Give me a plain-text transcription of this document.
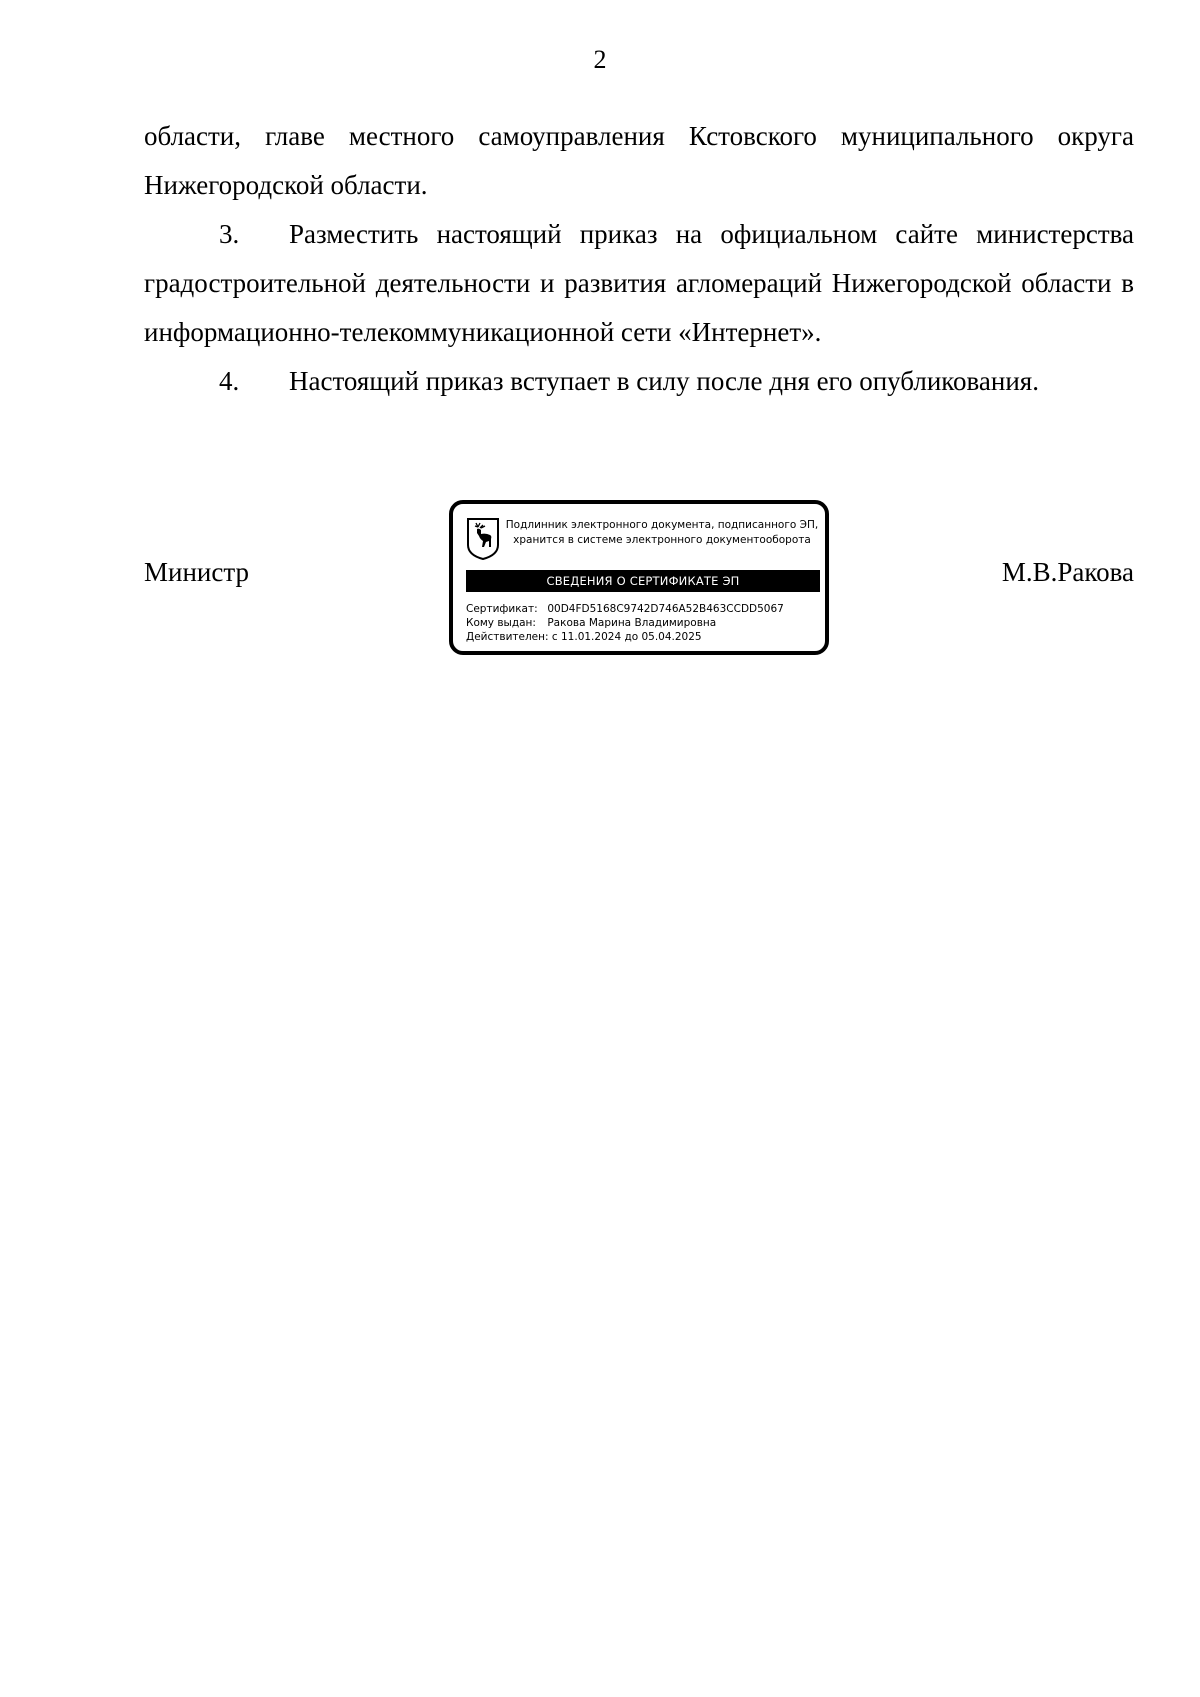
2

области, главе местного самоуправления Кстовского муниципального округа Нижегородской области.

3. Разместить настоящий приказ на официальном сайте министерства градостроительной деятельности и развития агломераций Нижегородской области в информационно-телекоммуникационной сети «Интернет».

4. Настоящий приказ вступает в силу после дня его опубликования.

Министр	М.В.Ракова
Подлинник электронного документа, подписанного ЭП,
хранится в системе электронного документооборота
СВЕДЕНИЯ О СЕРТИФИКАТЕ ЭП
Сертификат: 00D4FD5168C9742D746A52B463CCDD5067
Кому выдан: Ракова Марина Владимировна
Действителен: с 11.01.2024 до 05.04.2025
